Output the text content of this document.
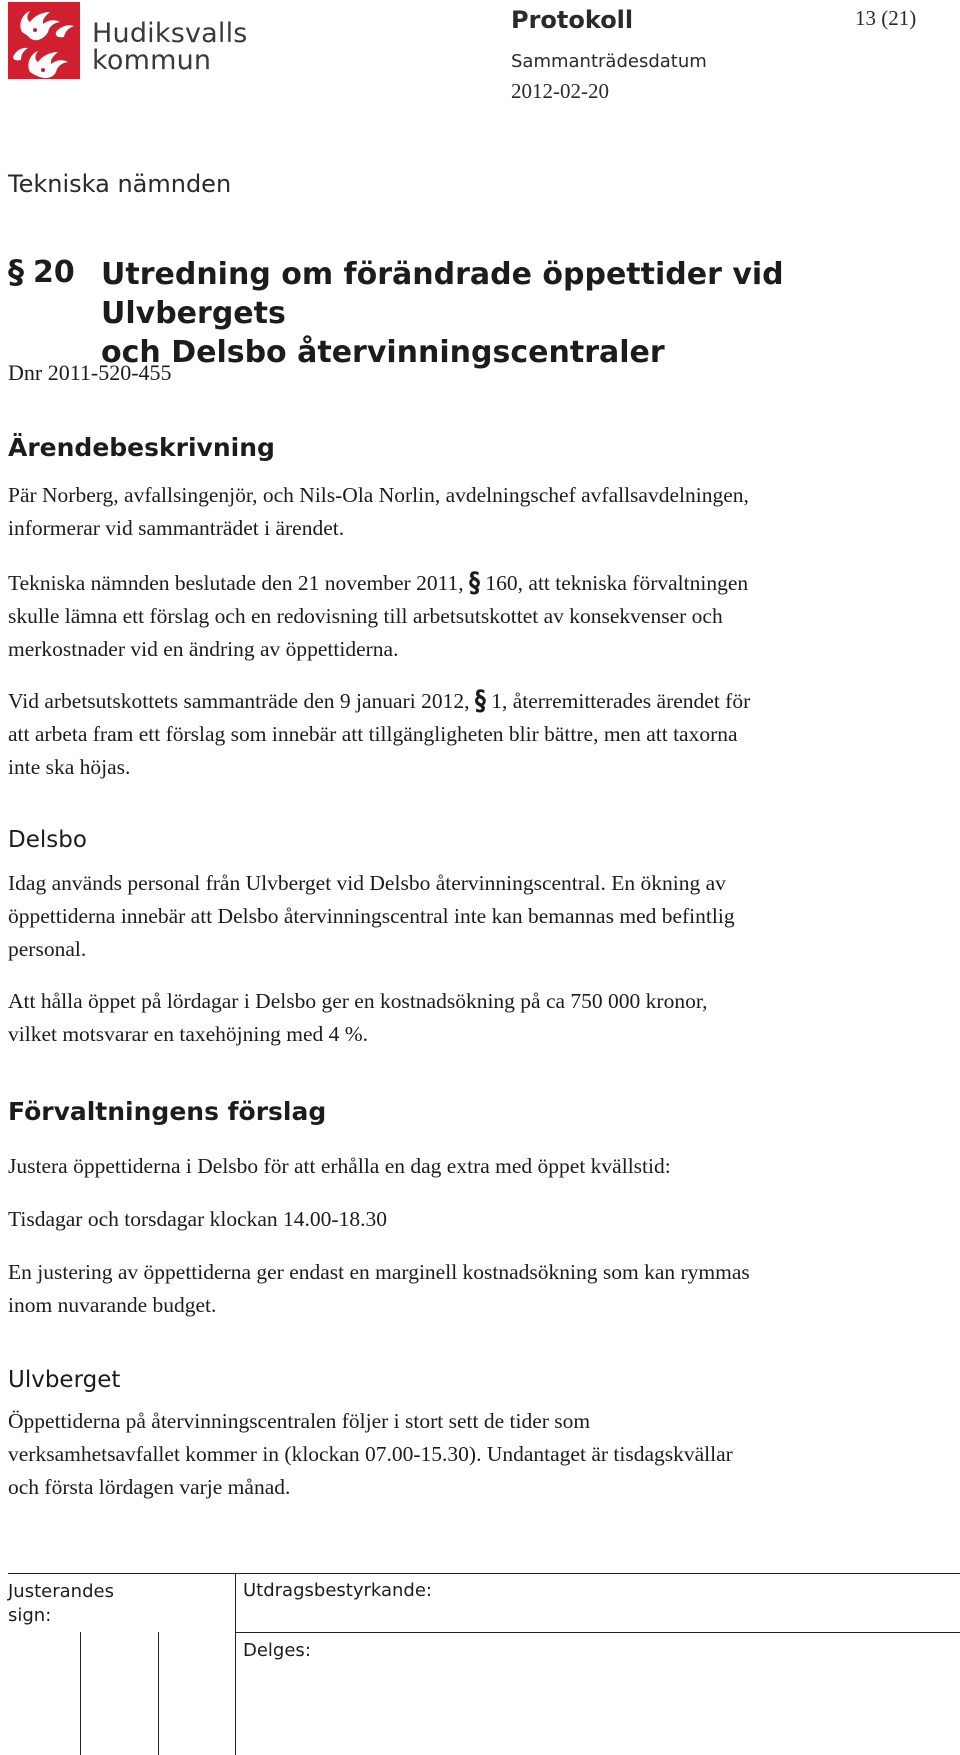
Hudiksvalls
kommun
Protokoll	13 (21)
Sammanträdesdatum
2012-02-20
Tekniska nämnden
§ 20 Utredning om förändrade öppettider vid Ulvbergets
och Delsbo återvinningscentraler
Dnr 2011-520-455
Ärendebeskrivning
Pär Norberg, avfallsingenjör, och Nils-Ola Norlin, avdelningschef avfallsavdelningen,
informerar vid sammanträdet i ärendet.
Tekniska nämnden beslutade den 21 november 2011, § 160, att tekniska förvaltningen
skulle lämna ett förslag och en redovisning till arbetsutskottet av konsekvenser och
merkostnader vid en ändring av öppettiderna.
Vid arbetsutskottets sammanträde den 9 januari 2012, § 1, återremitterades ärendet för
att arbeta fram ett förslag som innebär att tillgängligheten blir bättre, men att taxorna
inte ska höjas.
Delsbo
Idag används personal från Ulvberget vid Delsbo återvinningscentral. En ökning av
öppettiderna innebär att Delsbo återvinningscentral inte kan bemannas med befintlig
personal.
Att hålla öppet på lördagar i Delsbo ger en kostnadsökning på ca 750 000 kronor,
vilket motsvarar en taxehöjning med 4 %.
Förvaltningens förslag
Justera öppettiderna i Delsbo för att erhålla en dag extra med öppet kvällstid:
Tisdagar och torsdagar klockan 14.00-18.30
En justering av öppettiderna ger endast en marginell kostnadsökning som kan rymmas
inom nuvarande budget.
Ulvberget
Öppettiderna på återvinningscentralen följer i stort sett de tider som
verksamhetsavfallet kommer in (klockan 07.00-15.30). Undantaget är tisdagskvällar
och första lördagen varje månad.
Justerandes
sign:
Utdragsbestyrkande:
Delges:
